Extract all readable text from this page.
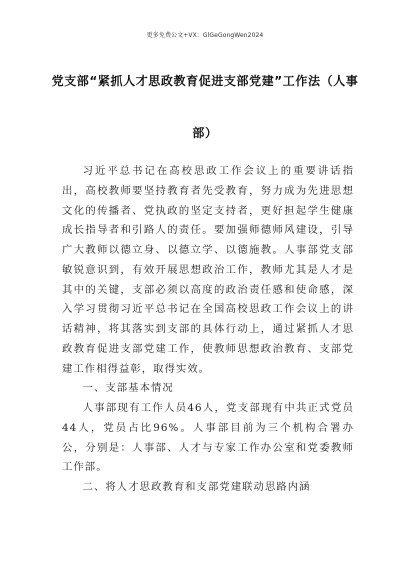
更多免费公文+VX：GlGeGongWen2024
党支部“紧抓人才思政教育促进支部党建”工作法（人事
部）

习近平总书记在高校思政工作会议上的重要讲话指出，高校教师要坚持教育者先受教育，努力成为先进思想文化的传播者、党执政的坚定支持者，更好担起学生健康成长指导者和引路人的责任。要加强师德师风建设，引导广大教师以德立身、以德立学、以德施教。人事部党支部敏锐意识到，有效开展思想政治工作，教师尤其是人才是其中的关键，支部必须以高度的政治责任感和使命感，深入学习贯彻习近平总书记在全国高校思政工作会议上的讲话精神，将其落实到支部的具体行动上，通过紧抓人才思政教育促进支部党建工作，使教师思想政治教育、支部党建工作相得益彰，取得实效。

一、支部基本情况

人事部现有工作人员46人，党支部现有中共正式党员44人，党员占比96%。人事部目前为三个机构合署办公，分别是：人事部、人才与专家工作办公室和党委教师工作部。

二、将人才思政教育和支部党建联动思路内涵
